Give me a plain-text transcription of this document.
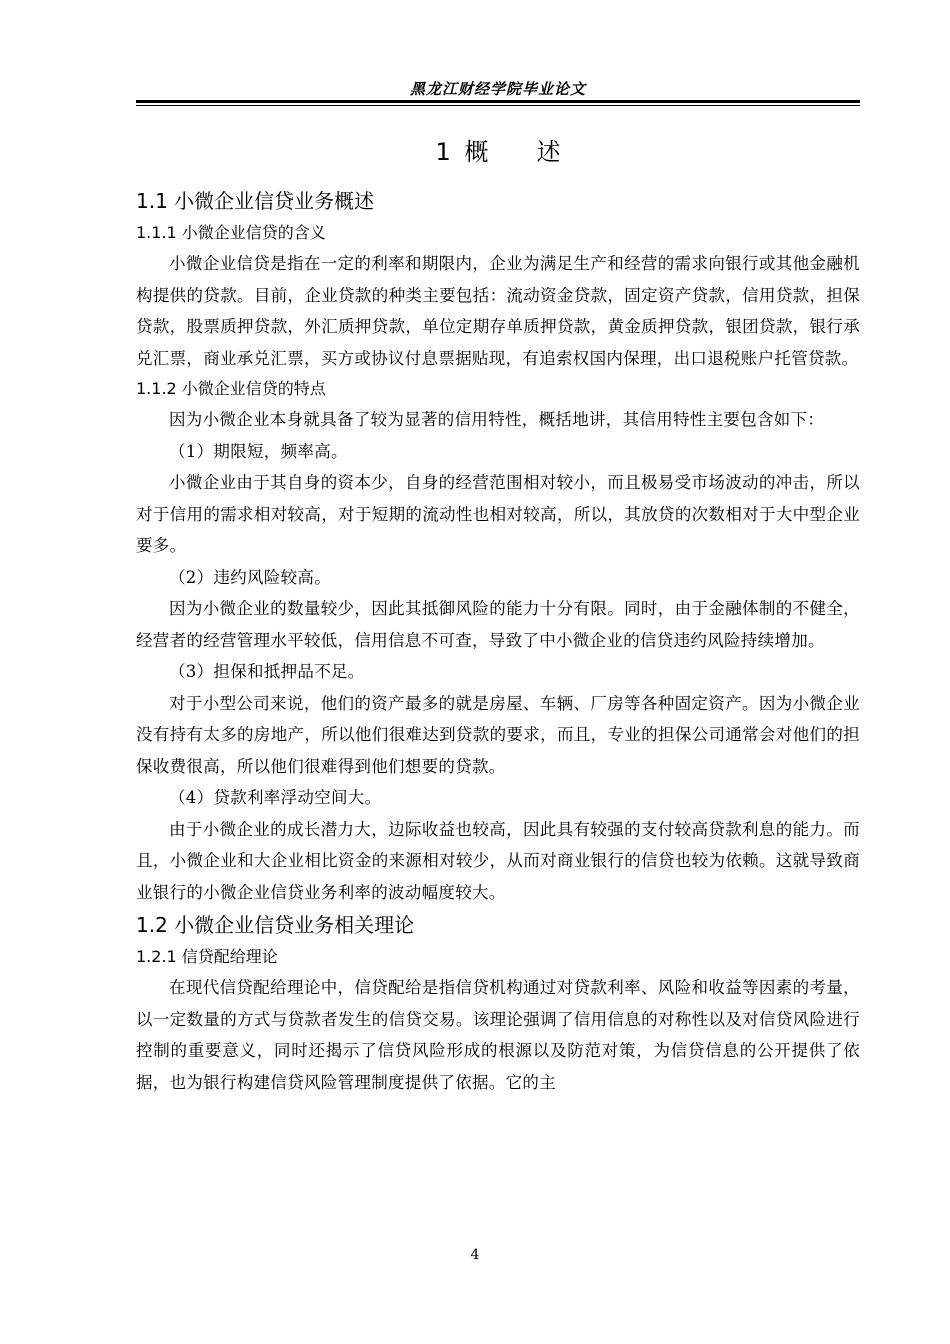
黑龙江财经学院毕业论文
1 概　　述
1.1 小微企业信贷业务概述
1.1.1 小微企业信贷的含义

小微企业信贷是指在一定的利率和期限内，企业为满足生产和经营的需求向银行或其他金融机构提供的贷款。目前，企业贷款的种类主要包括：流动资金贷款，固定资产贷款，信用贷款，担保贷款，股票质押贷款，外汇质押贷款，单位定期存单质押贷款，黄金质押贷款，银团贷款，银行承兑汇票，商业承兑汇票，买方或协议付息票据贴现，有追索权国内保理，出口退税账户托管贷款。

1.1.2 小微企业信贷的特点

因为小微企业本身就具备了较为显著的信用特性，概括地讲，其信用特性主要包含如下：

（1）期限短，频率高。

小微企业由于其自身的资本少，自身的经营范围相对较小，而且极易受市场波动的冲击，所以对于信用的需求相对较高，对于短期的流动性也相对较高，所以，其放贷的次数相对于大中型企业要多。

（2）违约风险较高。

因为小微企业的数量较少，因此其抵御风险的能力十分有限。同时，由于金融体制的不健全，经营者的经营管理水平较低，信用信息不可查，导致了中小微企业的信贷违约风险持续增加。

（3）担保和抵押品不足。

对于小型公司来说，他们的资产最多的就是房屋、车辆、厂房等各种固定资产。因为小微企业没有持有太多的房地产，所以他们很难达到贷款的要求，而且，专业的担保公司通常会对他们的担保收费很高，所以他们很难得到他们想要的贷款。

（4）贷款利率浮动空间大。

由于小微企业的成长潜力大，边际收益也较高，因此具有较强的支付较高贷款利息的能力。而且，小微企业和大企业相比资金的来源相对较少，从而对商业银行的信贷也较为依赖。这就导致商业银行的小微企业信贷业务利率的波动幅度较大。

1.2 小微企业信贷业务相关理论
1.2.1 信贷配给理论

在现代信贷配给理论中，信贷配给是指信贷机构通过对贷款利率、风险和收益等因素的考量，以一定数量的方式与贷款者发生的信贷交易。该理论强调了信用信息的对称性以及对信贷风险进行控制的重要意义，同时还揭示了信贷风险形成的根源以及防范对策，为信贷信息的公开提供了依据，也为银行构建信贷风险管理制度提供了依据。它的主

4
